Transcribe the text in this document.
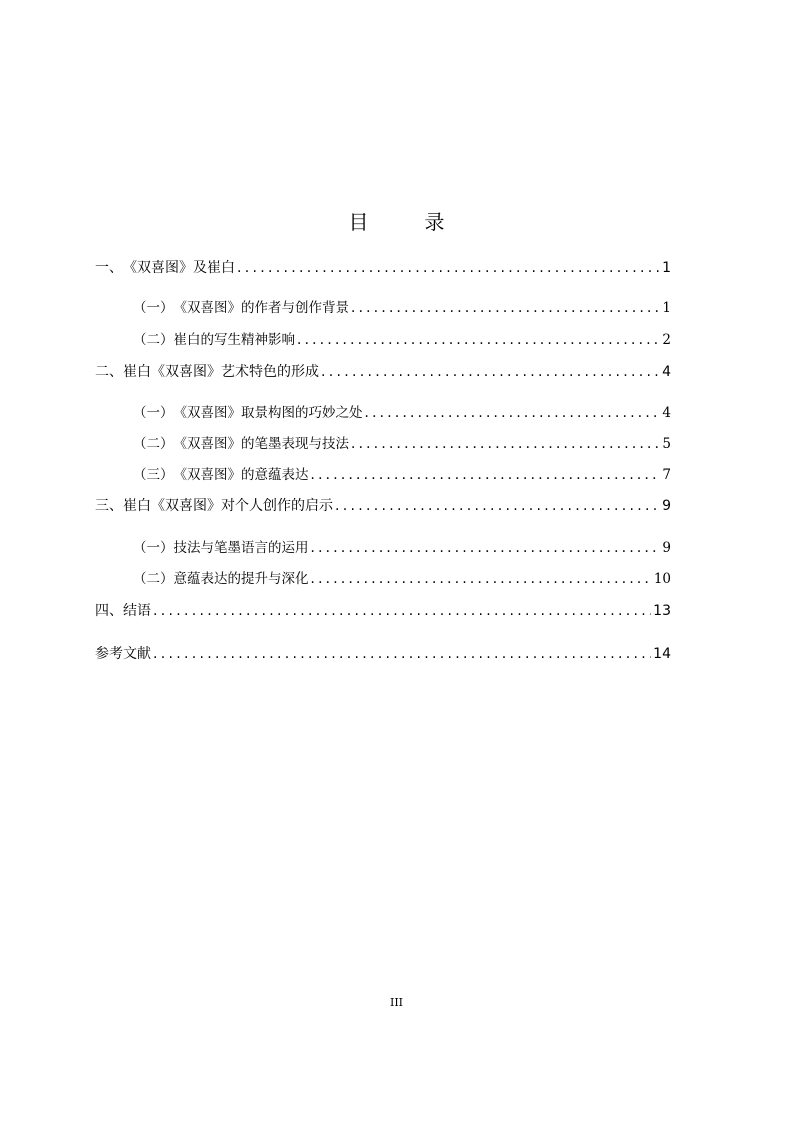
目　录
一、 《双喜图》及崔白 .....	1
（一） 《双喜图》的作者与创作背景 .....	1
（二） 崔白的写生精神影响 .....	2
二、 崔白《双喜图》艺术特色的形成 .....	4
（一） 《双喜图》取景构图的巧妙之处 .....	4
（二） 《双喜图》的笔墨表现与技法 .....	5
（三） 《双喜图》的意蕴表达 .....	7
三、 崔白《双喜图》对个人创作的启示 .....	9
（一） 技法与笔墨语言的运用 .....	9
（二） 意蕴表达的提升与深化 .....	10
四、 结语 .....	13
参考文献 .....	14
III
